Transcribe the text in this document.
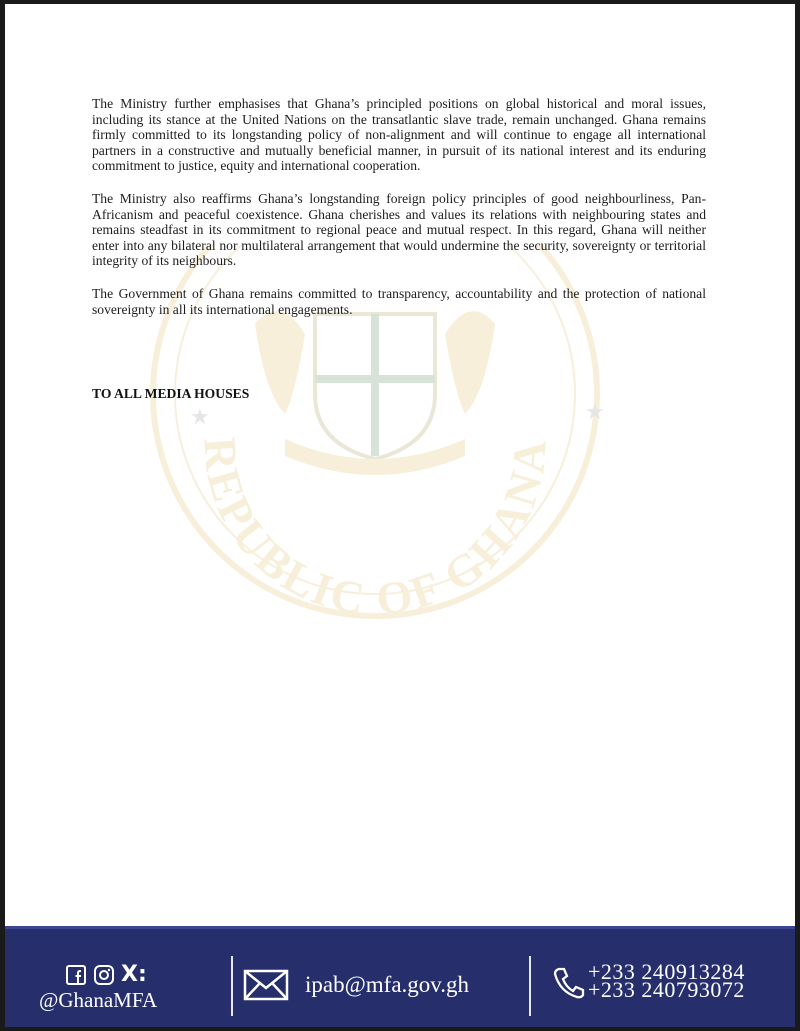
★	★
REPUBLIC OF GHANA

The Ministry further emphasises that Ghana’s principled positions on global historical and moral issues, including its stance at the United Nations on the transatlantic slave trade, remain unchanged. Ghana remains firmly committed to its longstanding policy of non-alignment and will continue to engage all international partners in a constructive and mutually beneficial manner, in pursuit of its national interest and its enduring commitment to justice, equity and international cooperation.

The Ministry also reaffirms Ghana’s longstanding foreign policy principles of good neighbourliness, Pan-Africanism and peaceful coexistence. Ghana cherishes and values its relations with neighbouring states and remains steadfast in its commitment to regional peace and mutual respect. In this regard, Ghana will neither enter into any bilateral nor multilateral arrangement that would undermine the security, sovereignty or territorial integrity of its neighbours.

The Government of Ghana remains committed to transparency, accountability and the protection of national sovereignty in all its international engagements.

TO ALL MEDIA HOUSES
X:
@GhanaMFA
ipab@mfa.gov.gh
+233 240913284
+233 240793072
